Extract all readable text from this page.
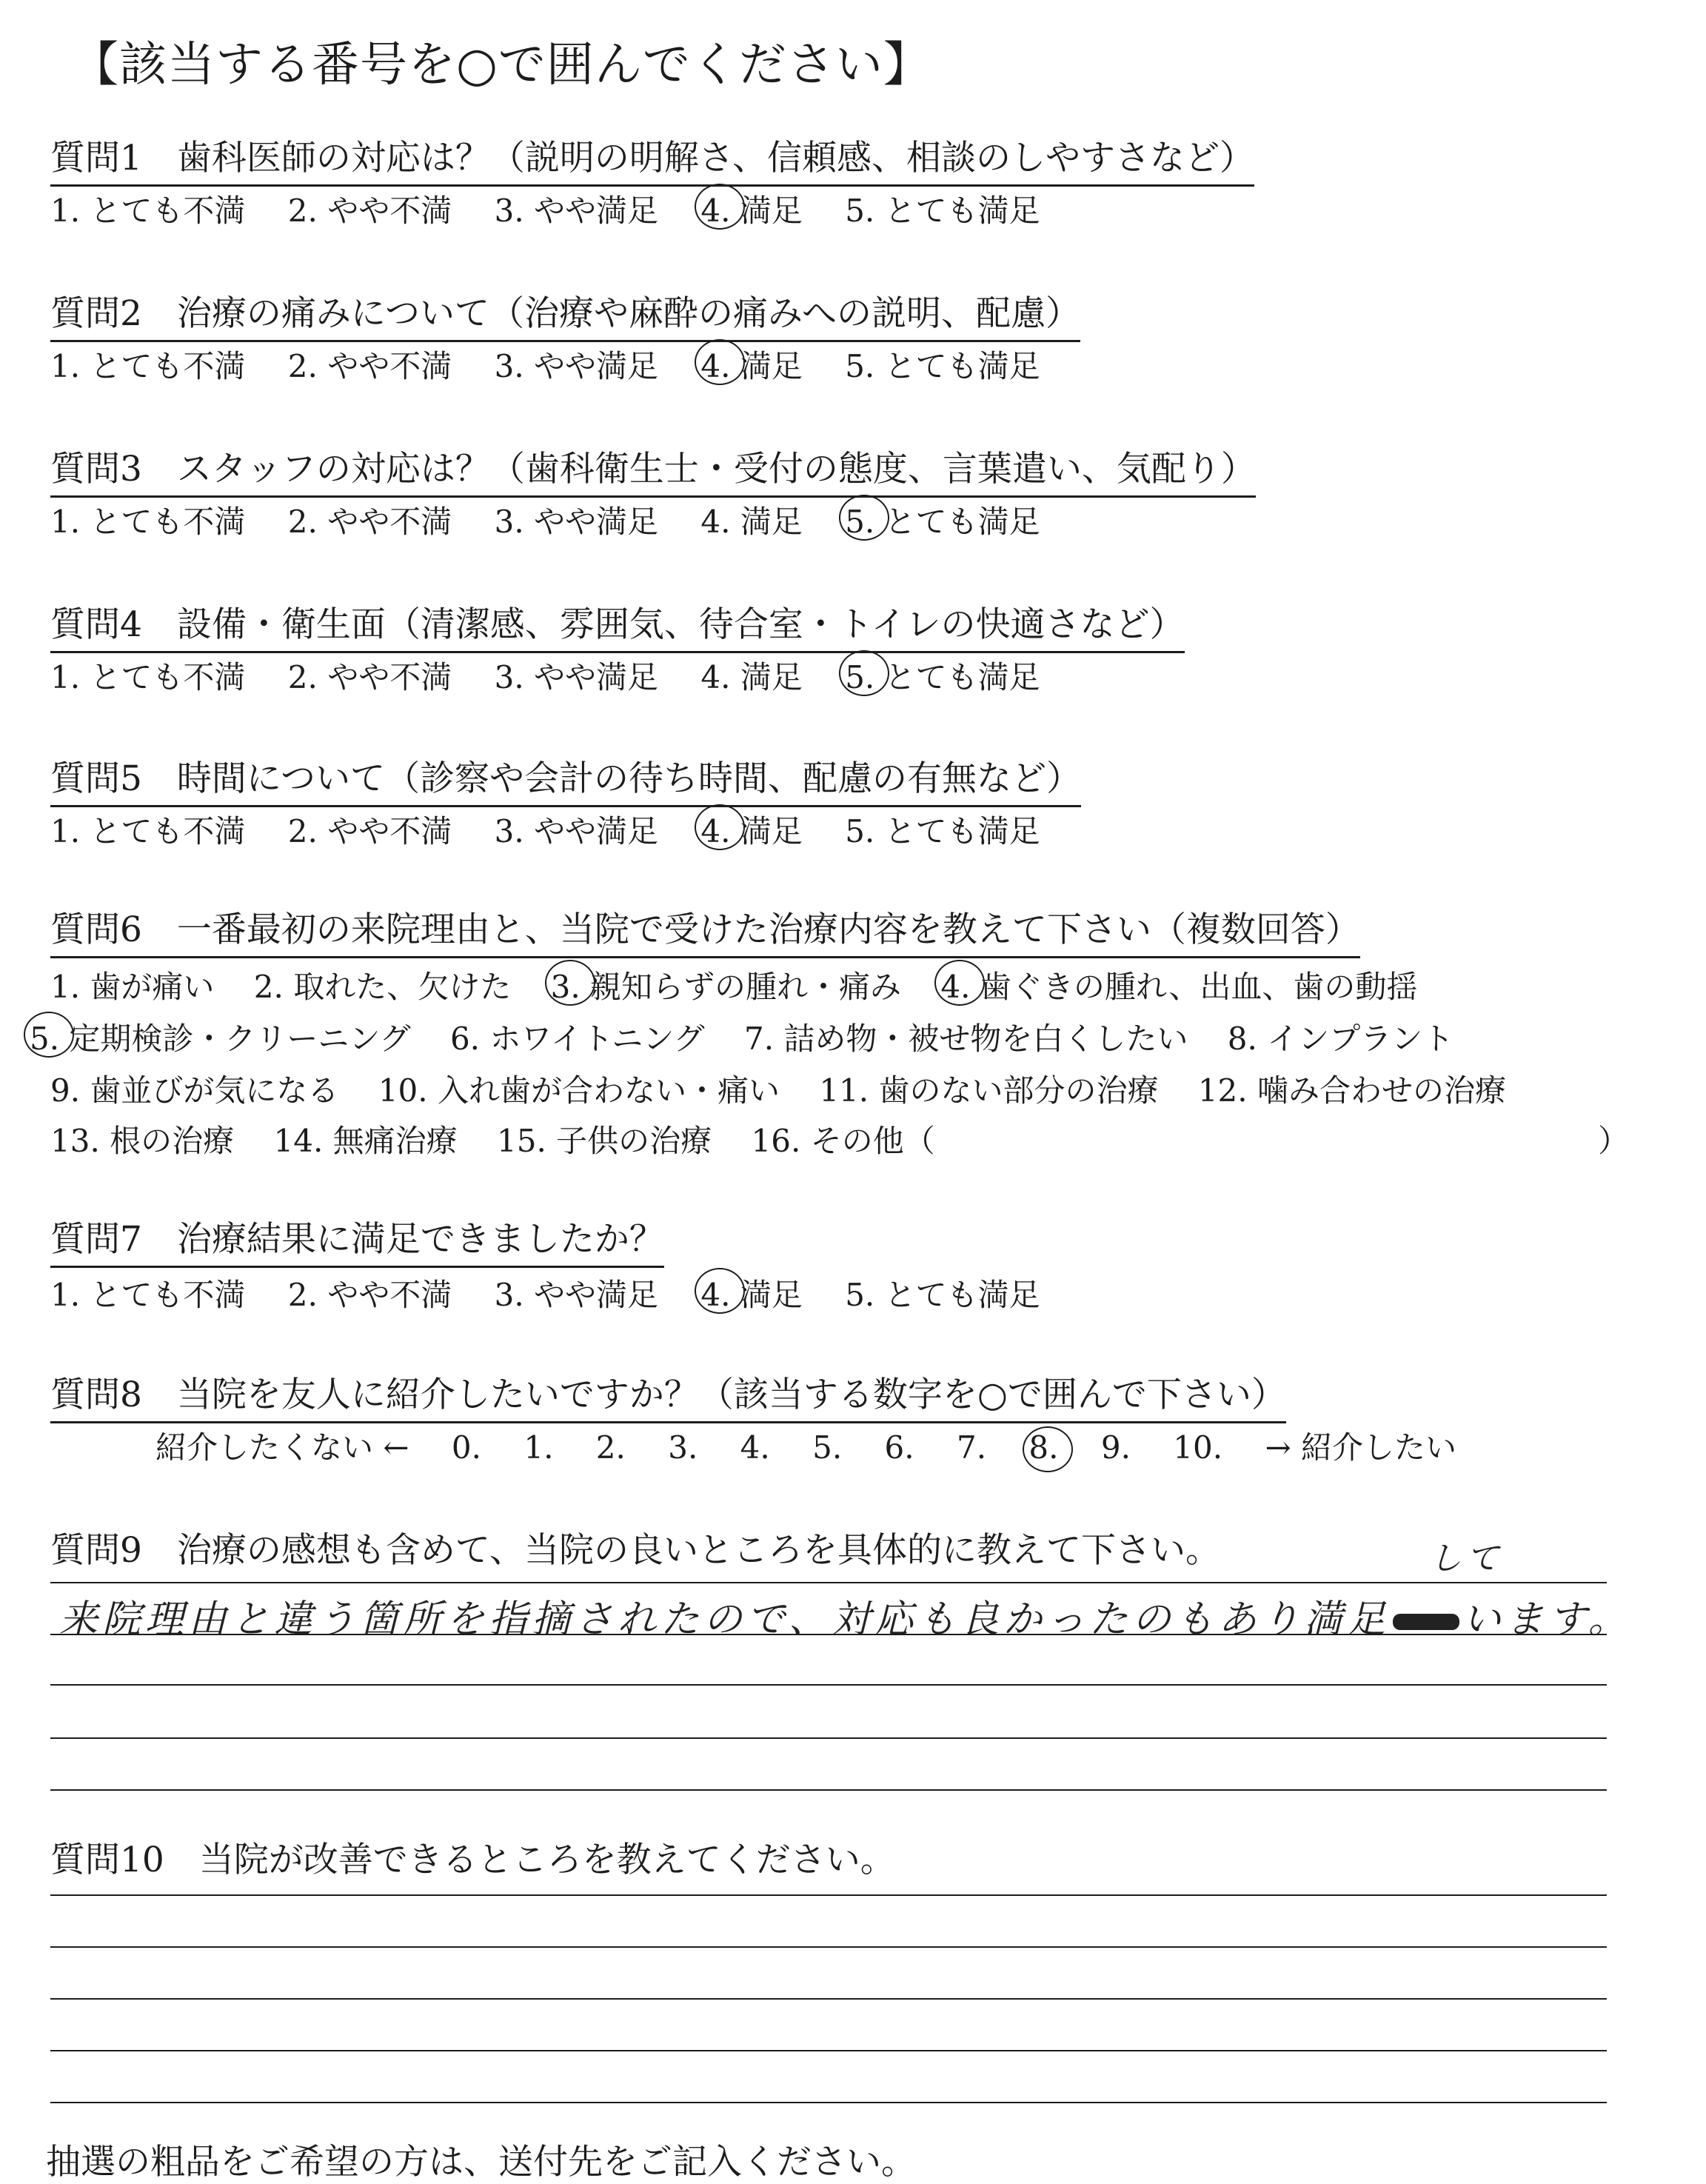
【該当する番号を○で囲んでください】
質問1　歯科医師の対応は？（説明の明解さ、信頼感、相談のしやすさなど）
1. とても不満 2. やや不満 3. やや満足 4. 満足 5. とても満足
質問2　治療の痛みについて（治療や麻酔の痛みへの説明、配慮）
1. とても不満 2. やや不満 3. やや満足 4. 満足 5. とても満足
質問3　スタッフの対応は？（歯科衛生士・受付の態度、言葉遣い、気配り）
1. とても不満 2. やや不満 3. やや満足 4. 満足 5. とても満足
質問4　設備・衛生面（清潔感、雰囲気、待合室・トイレの快適さなど）
1. とても不満 2. やや不満 3. やや満足 4. 満足 5. とても満足
質問5　時間について（診察や会計の待ち時間、配慮の有無など）
1. とても不満 2. やや不満 3. やや満足 4. 満足 5. とても満足
質問6　一番最初の来院理由と、当院で受けた治療内容を教えて下さい（複数回答）
1. 歯が痛い 2. 取れた、欠けた 3. 親知らずの腫れ・痛み 4. 歯ぐきの腫れ、出血、歯の動揺
5. 定期検診・クリーニング 6. ホワイトニング 7. 詰め物・被せ物を白くしたい 8. インプラント
9. 歯並びが気になる 10. 入れ歯が合わない・痛い 11. 歯のない部分の治療 12. 噛み合わせの治療
13. 根の治療 14. 無痛治療 15. 子供の治療 16. その他（	）
質問7　治療結果に満足できましたか？
1. とても不満 2. やや不満 3. やや満足 4. 満足 5. とても満足
質問8　当院を友人に紹介したいですか？（該当する数字を○で囲んで下さい）
紹介したくない ← 0. 1. 2. 3. 4. 5. 6. 7. 8. 9. 10. → 紹介したい
質問9　治療の感想も含めて、当院の良いところを具体的に教えて下さい。	して
来院理由と違う箇所を指摘されたので、対応も良かったのもあり満足 います。
質問10　当院が改善できるところを教えてください。
抽選の粗品をご希望の方は、送付先をご記入ください。
